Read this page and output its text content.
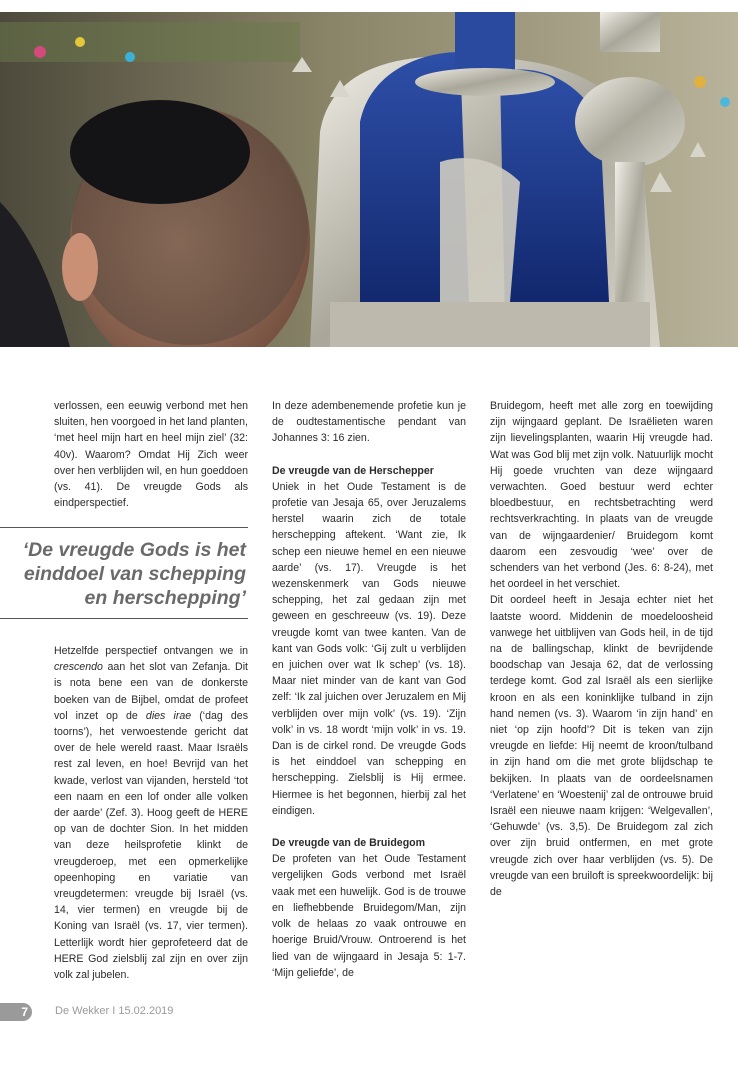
verlossen, een eeuwig verbond met hen sluiten, hen voorgoed in het land planten, ‘met heel mijn hart en heel mijn ziel’ (32: 40v). Waarom? Omdat Hij Zich weer over hen verblijden wil, en hun goeddoen (vs. 41). De vreugde Gods als eindperspectief.

‘De vreugde Gods is het einddoel van schepping en herschepping’

Hetzelfde perspectief ontvangen we in crescendo aan het slot van Zefanja. Dit is nota bene een van de donkerste boeken van de Bijbel, omdat de profeet vol inzet op de dies irae (‘dag des toorns’), het verwoestende gericht dat over de hele wereld raast. Maar Israëls rest zal leven, en hoe! Bevrijd van het kwade, verlost van vijanden, hersteld ‘tot een naam en een lof onder alle volken der aarde’ (Zef. 3). Hoog geeft de HERE op van de dochter Sion. In het midden van deze heilsprofetie klinkt de vreugderoep, met een opmerkelijke opeenhoping en variatie van vreugdetermen: vreugde bij Israël (vs. 14, vier termen) en vreugde bij de Koning van Israël (vs. 17, vier termen). Letterlijk wordt hier geprofeteerd dat de HERE God zielsblij zal zijn en over zijn volk zal jubelen.

In deze adembenemende profetie kun je de oudtestamentische pendant van Johannes 3: 16 zien.

De vreugde van de Herschepper

Uniek in het Oude Testament is de profetie van Jesaja 65, over Jeruzalems herstel waarin zich de totale herschepping aftekent. ‘Want zie, Ik schep een nieuwe hemel en een nieuwe aarde’ (vs. 17). Vreugde is het wezenskenmerk van Gods nieuwe schepping, het zal gedaan zijn met geween en geschreeuw (vs. 19). Deze vreugde komt van twee kanten. Van de kant van Gods volk: ‘Gij zult u verblijden en juichen over wat Ik schep’ (vs. 18). Maar niet minder van de kant van God zelf: ‘Ik zal juichen over Jeruzalem en Mij verblijden over mijn volk’ (vs. 19). ‘Zijn volk’ in vs. 18 wordt ‘mijn volk’ in vs. 19. Dan is de cirkel rond. De vreugde Gods is het einddoel van schepping en herschepping. Zielsblij is Hij ermee. Hiermee is het begonnen, hierbij zal het eindigen.

De vreugde van de Bruidegom

De profeten van het Oude Testament vergelijken Gods verbond met Israël vaak met een huwelijk. God is de trouwe en liefhebbende Bruidegom/Man, zijn volk de helaas zo vaak ontrouwe en hoerige Bruid/Vrouw. Ontroerend is het lied van de wijngaard in Jesaja 5: 1-7. ‘Mijn geliefde’, de

Bruidegom, heeft met alle zorg en toewijding zijn wijngaard geplant. De Israëlieten waren zijn lievelingsplanten, waarin Hij vreugde had. Wat was God blij met zijn volk. Natuurlijk mocht Hij goede vruchten van deze wijngaard verwachten. Goed bestuur werd echter bloedbestuur, en rechtsbetrachting werd rechtsverkrachting. In plaats van de vreugde van de wijngaardenier/ Bruidegom komt daarom een zesvoudig ‘wee’ over de schenders van het verbond (Jes. 6: 8-24), met het oordeel in het verschiet.

Dit oordeel heeft in Jesaja echter niet het laatste woord. Middenin de moedeloosheid vanwege het uitblijven van Gods heil, in de tijd na de ballingschap, klinkt de bevrijdende boodschap van Jesaja 62, dat de verlossing terdege komt. God zal Israël als een sierlijke kroon en als een koninklijke tulband in zijn hand nemen (vs. 3). Waarom ‘in zijn hand’ en niet ‘op zijn hoofd’? Dit is teken van zijn vreugde en liefde: Hij neemt de kroon/tulband in zijn hand om die met grote blijdschap te bekijken. In plaats van de oordeelsnamen ‘Verlatene’ en ‘Woestenij’ zal de ontrouwe bruid Israël een nieuwe naam krijgen: ‘Welgevallen’, ‘Gehuwde’ (vs. 3,5). De Bruidegom zal zich over zijn bruid ontfermen, en met grote vreugde zich over haar verblijden (vs. 5). De vreugde van een bruiloft is spreekwoordelijk: bij de

7	De Wekker I 15.02.2019
